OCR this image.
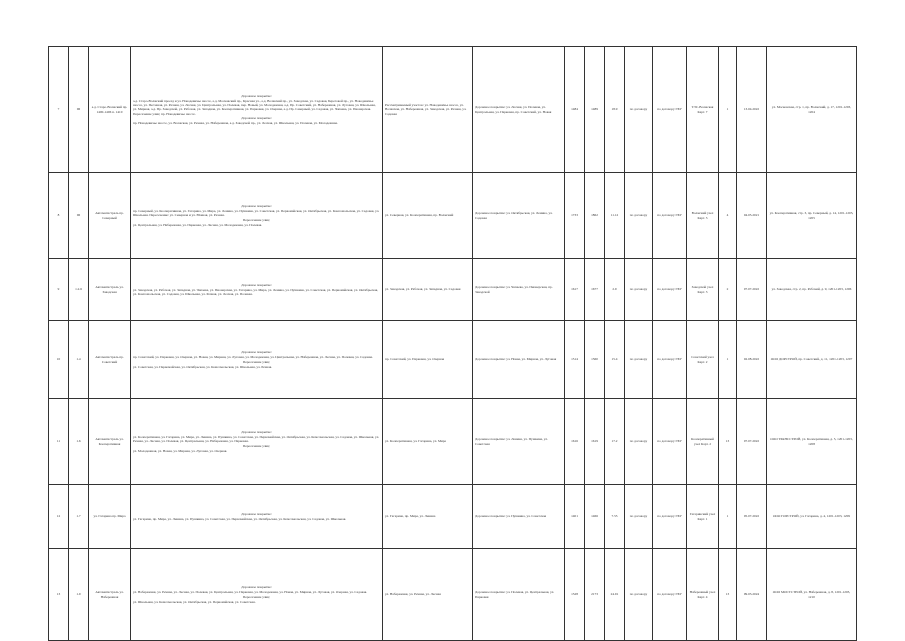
7	III	а.д. Старо-Волжский пр. 1400-1406 п. 1410	Дорожное покрытие:
а.д. Старо-Волжский проезд и ул. Новодевичье шоссе, а.д. Московский пр., Красная ул., а.д. Волжский пр., ул. Заводская, ул. Садовая, Береговой пр., ул. Новодевичье шоссе, ул. Песчаная, ул. Речная, ул. Лесная, ул. Центральная, ул. Полевая, пер. Новый, ул. Молодежная, а.д. Пр. Советский, ул. Набережная, ул. Луговая, ул. Школьная, ул. Мирная, а.д. Пр. Заводской, ул. Рабочая, ул. Западная, ул. Кооперативная, ул. Парковая, ул. Озерная, а.д. Пр. Северный, ул. Садовая, ул. Чапаева, ул. Пионерская. Пересечение улиц: пр. Новодевичье шоссе.
Дорожное покрытие:
пр. Новодевичье шоссе, ул. Волжская, ул. Речная, ул. Набережная, а.д. Заводской пр., ул. Лесная, ул. Школьная, ул. Полевая, ул. Молодежная.	Рассматриваемый участок: ул. Новодевичье шоссе, ул. Волжская, ул. Набережная, ул. Заводская, ул. Речная, ул. Садовая	Дорожное покрытие: ул. Лесная, ул. Полевая, ул. Центральная, ул. Парковая, пр. Советский, ул. Новая	1484	1489	18.9	по договору	по договору ГБУ	ТЭС-Волжская Карт. 7	1	13.04.2022	ул. Московская, стр. 1, пр. Волжский, д. 17, 1201-1203, 1204
8	III	Автомагистраль пр. Северный	Дорожное покрытие:
пр. Северный, ул. Кооперативная, ул. Гагарина, ул. Мира, ул. Ленина, ул. Пушкина, ул. Советская, ул. Первомайская, ул. Октябрьская, ул. Комсомольская, ул. Садовая, ул. Школьная. Пересечение: ул. Северная и ул. Южная, ул. Речная.
Пересечение улиц:
ул. Центральная, ул. Набережная, ул. Парковая, ул. Лесная, ул. Молодежная, ул. Полевая.	ул. Северная, ул. Кооперативная, пр. Волжский	Дорожное покрытие: ул. Октябрьская, ул. Ленина, ул. Садовая	1733	1862	11.12	по договору	по договору ГБУ	Волжский узел Карт. 3	4	04.05.2021	ул. Кооперативная, стр. 3, пр. Северный, д. 14, 1201-1203, 1205
9	1.2.6	Автомагистраль ул. Заводская	Дорожное покрытие:
ул. Заводская, ул. Рабочая, ул. Западная, ул. Чапаева, ул. Пионерская, ул. Гагарина, ул. Мира, ул. Ленина, ул. Пушкина, ул. Советская, ул. Первомайская, ул. Октябрьская, ул. Комсомольская, ул. Садовая, ул. Школьная, ул. Речная, ул. Лесная, ул. Полевая.	ул. Заводская, ул. Рабочая, ул. Западная, ул. Садовая	Дорожное покрытие: ул. Чапаева, ул. Пионерская, пр. Заводской	1617	1677	2.9	по договору	по договору ГБУ	Заводской узел Карт. 3	2	07.07.2022	ул. Заводская, стр. 2, пр. Рабочий, д. 9, 1201-1203, 1206
10	1.4	Автомагистраль пр. Советский	Дорожное покрытие:
пр. Советский, ул. Парковая, ул. Озерная, ул. Новая, ул. Мирная, ул. Луговая, ул. Молодежная, ул. Центральная, ул. Набережная, ул. Лесная, ул. Полевая, ул. Садовая.
Пересечение улиц:
ул. Советская, ул. Первомайская, ул. Октябрьская, ул. Комсомольская, ул. Школьная, ул. Речная.	пр. Советский, ул. Парковая, ул. Озерная	Дорожное покрытие: ул. Новая, ул. Мирная, ул. Луговая	1514	1560	15.4	по договору	по договору ГБУ	Советский узел Карт. 2	1	02.08.2022	ООО ДОРСТРОЙ, пр. Советский, д. 11, 1201-1203, 1207
11	1.6	Автомагистраль ул. Кооперативная	Дорожное покрытие:
ул. Кооперативная, ул. Гагарина, ул. Мира, ул. Ленина, ул. Пушкина, ул. Советская, ул. Первомайская, ул. Октябрьская, ул. Комсомольская, ул. Садовая, ул. Школьная, ул. Речная, ул. Лесная, ул. Полевая, ул. Центральная, ул. Набережная, ул. Парковая.
Пересечение улиц:
ул. Молодежная, ул. Новая, ул. Мирная, ул. Луговая, ул. Озерная.	ул. Кооперативная, ул. Гагарина, ул. Мира	Дорожное покрытие: ул. Ленина, ул. Пушкина, ул. Советская	1616	1619	17.2	по договору	по договору ГБУ	Кооперативный узел Карт. 2	13	07.07.2022	ООО ТРАНССТРОЙ, ул. Кооперативная, д. 5, 1201-1203, 1208
12	1.7	ул. Гагарина пр. Мира	Дорожное покрытие:
ул. Гагарина, пр. Мира, ул. Ленина, ул. Пушкина, ул. Советская, ул. Первомайская, ул. Октябрьская, ул. Комсомольская, ул. Садовая, ул. Школьная.	ул. Гагарина, пр. Мира, ул. Ленина	Дорожное покрытие: ул. Пушкина, ул. Советская	1401	1466	7.55	по договору	по договору ГБУ	Гагаринский узел Карт. 1	1	05.07.2022	ООО ГОРСТРОЙ, ул. Гагарина, д. 4, 1201-1203, 1209
13	1.9	Автомагистраль ул. Набережная	Дорожное покрытие:
ул. Набережная, ул. Речная, ул. Лесная, ул. Полевая, ул. Центральная, ул. Парковая, ул. Молодежная, ул. Новая, ул. Мирная, ул. Луговая, ул. Озерная, ул. Садовая.
Пересечение улиц:
ул. Школьная, ул. Комсомольская, ул. Октябрьская, ул. Первомайская, ул. Советская.	ул. Набережная, ул. Речная, ул. Лесная	Дорожное покрытие: ул. Полевая, ул. Центральная, ул. Парковая	1528	2173	24.91	по договору	по договору ГБУ	Набережный узел Карт. 4	13	09.03.2024	ООО МОСТСТРОЙ, ул. Набережная, д. 8, 1201-1203, 1210
